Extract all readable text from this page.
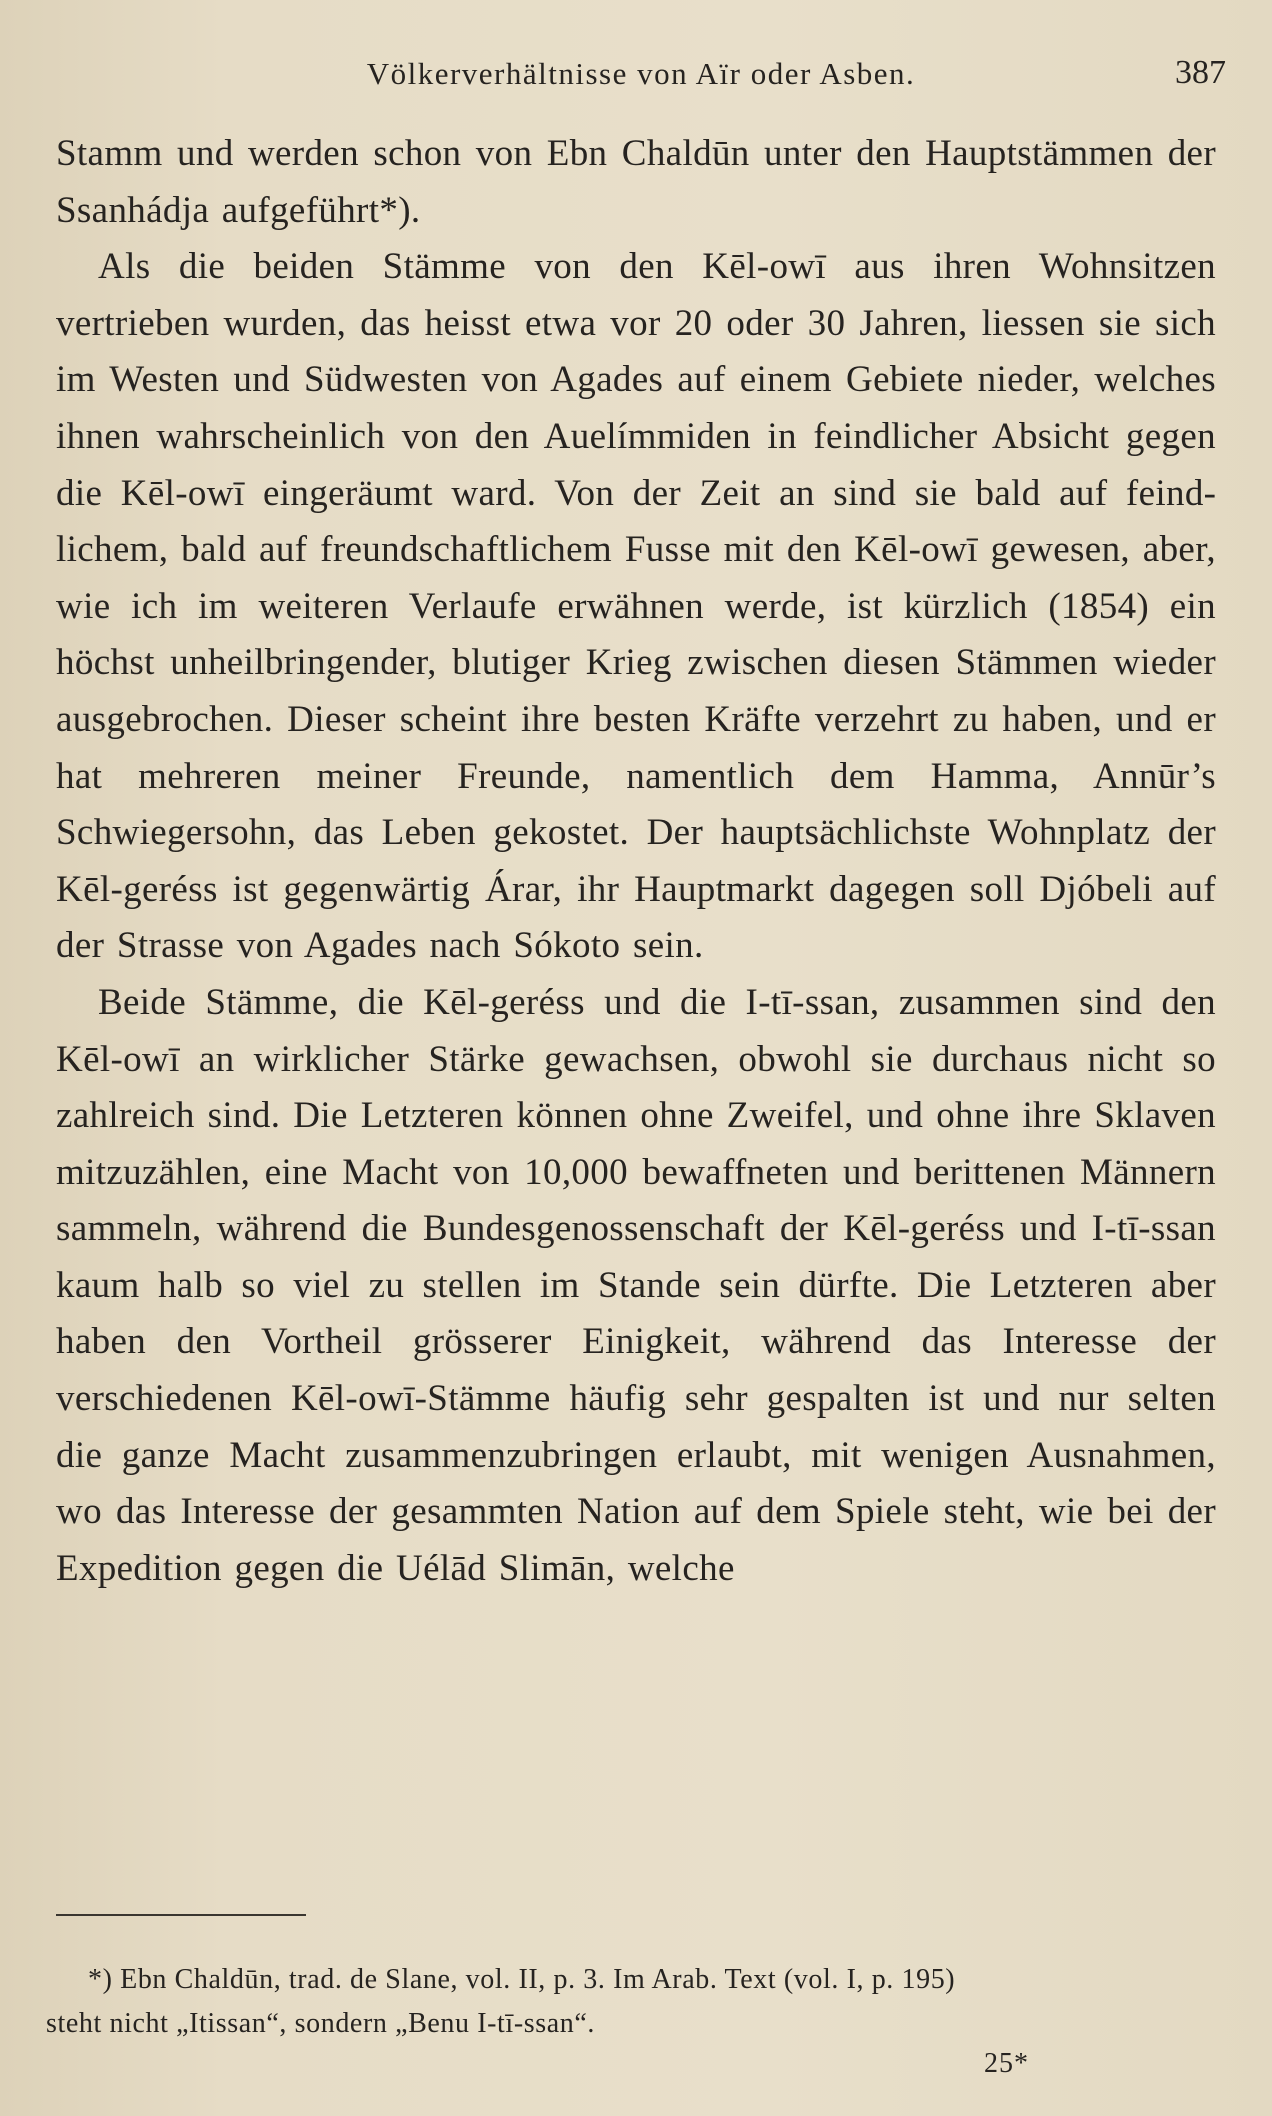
Völkerverhältnisse von Aïr oder Asben.	387

Stamm und werden schon von Ebn Chaldūn unter den Hauptstämmen der Ssanhádja aufgeführt*).

Als die beiden Stämme von den Kēl-owī aus ihren Wohnsitzen vertrieben wurden, das heisst etwa vor 20 oder 30 Jahren, liessen sie sich im Westen und Südwesten von Agades auf einem Gebiete nieder, welches ihnen wahrscheinlich von den Auelímmiden in feindlicher Absicht gegen die Kēl-owī eingeräumt ward. Von der Zeit an sind sie bald auf feindlichem, bald auf freundschaftlichem Fusse mit den Kēl-owī gewesen, aber, wie ich im weiteren Verlaufe erwähnen werde, ist kürzlich (1854) ein höchst unheilbringender, blutiger Krieg zwischen diesen Stämmen wieder ausgebrochen. Dieser scheint ihre besten Kräfte verzehrt zu haben, und er hat mehreren meiner Freunde, namentlich dem Hamma, Annūr’s Schwiegersohn, das Leben gekostet. Der hauptsächlichste Wohnplatz der Kēl-geréss ist gegenwärtig Árar, ihr Hauptmarkt dagegen soll Djóbeli auf der Strasse von Agades nach Sókoto sein.

Beide Stämme, die Kēl-geréss und die I-tī-ssan, zusammen sind den Kēl-owī an wirklicher Stärke gewachsen, obwohl sie durchaus nicht so zahlreich sind. Die Letzteren können ohne Zweifel, und ohne ihre Sklaven mitzuzählen, eine Macht von 10,000 bewaffneten und berittenen Männern sammeln, während die Bundesgenossenschaft der Kēl-geréss und I-tī-ssan kaum halb so viel zu stellen im Stande sein dürfte. Die Letzteren aber haben den Vortheil grösserer Einigkeit, während das Interesse der verschiedenen Kēl-owī-Stämme häufig sehr gespalten ist und nur selten die ganze Macht zusammenzubringen erlaubt, mit wenigen Ausnahmen, wo das Interesse der gesammten Nation auf dem Spiele steht, wie bei der Expedition gegen die Uélād Slimān, welche

*) Ebn Chaldūn, trad. de Slane, vol. II, p. 3. Im Arab. Text (vol. I, p. 195)
steht nicht „Itissan“, sondern „Benu I-tī-ssan“.
25*
